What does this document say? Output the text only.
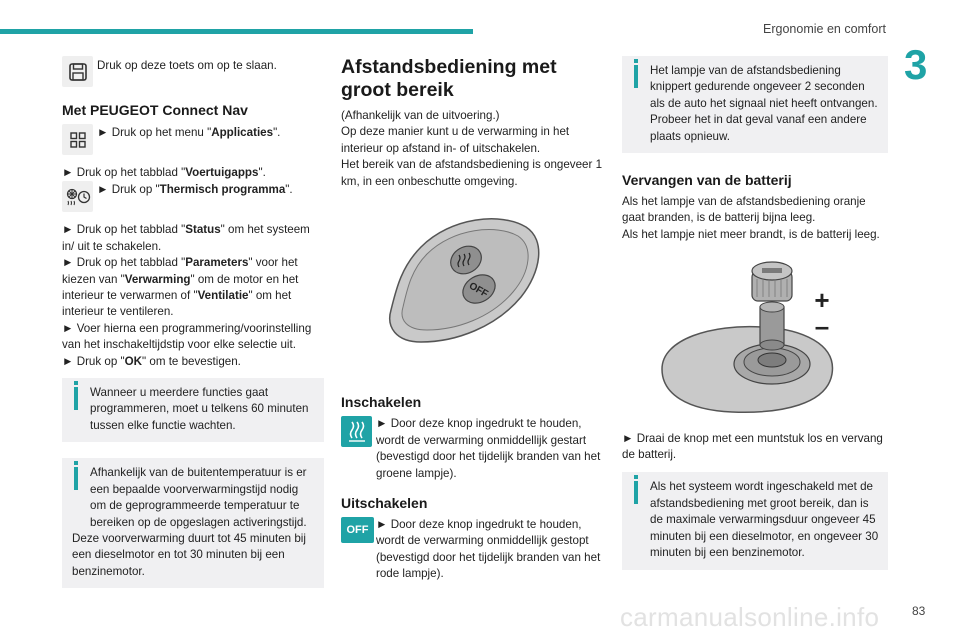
Ergonomie en comfort
3

Druk op deze toets om op te slaan.

Met PEUGEOT Connect Nav

► Druk op het menu "Applicaties".

► Druk op het tabblad "Voertuigapps".

► Druk op "Thermisch programma".

► Druk op het tabblad "Status" om het systeem in/ uit te schakelen.

► Druk op het tabblad "Parameters" voor het kiezen van "Verwarming" om de motor en het interieur te verwarmen of "Ventilatie" om het interieur te ventileren.

► Voer hierna een programmering/voorinstelling van het inschakeltijdstip voor elke selectie uit.

► Druk op "OK" om te bevestigen.

Wanneer u meerdere functies gaat

programmeren, moet u telkens 60 minuten tussen elke functie wachten.

Afhankelijk van de buitentemperatuur is er

een bepaalde voorverwarmingstijd nodig om de geprogrammeerde temperatuur te bereiken op de opgeslagen activeringstijd.

Deze voorverwarming duurt tot 45 minuten bij een dieselmotor en tot 30 minuten bij een benzinemotor.

Afstandsbediening met groot bereik

(Afhankelijk van de uitvoering.)

Op deze manier kunt u de verwarming in het interieur op afstand in- of uitschakelen.

Het bereik van de afstandsbediening is ongeveer 1 km, in een onbeschutte omgeving.

OFF
Inschakelen

► Door deze knop ingedrukt te houden, wordt de verwarming onmiddellijk gestart (bevestigd door het tijdelijk branden van het groene lampje).

Uitschakelen
OFF ► Door deze knop ingedrukt te houden, wordt de verwarming onmiddellijk gestopt (bevestigd door het tijdelijk branden van het rode lampje).

Het lampje van de afstandsbediening

knippert gedurende ongeveer 2 seconden als de auto het signaal niet heeft ontvangen. Probeer het in dat geval vanaf een andere plaats opnieuw.

Vervangen van de batterij

Als het lampje van de afstandsbediening oranje gaat branden, is de batterij bijna leeg.

Als het lampje niet meer brandt, is de batterij leeg.

+
–

► Draai de knop met een muntstuk los en vervang de batterij.

Als het systeem wordt ingeschakeld met de

afstandsbediening met groot bereik, dan is de maximale verwarmingsduur ongeveer 45 minuten bij een dieselmotor, en ongeveer 30 minuten bij een benzinemotor.

carmanualsonline.info	83
